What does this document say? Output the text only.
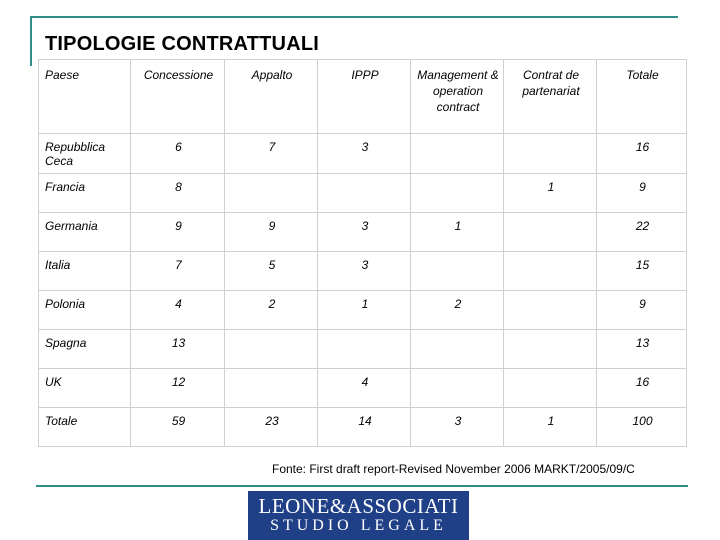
TIPOLOGIE CONTRATTUALI
Paese	Concessione	Appalto	IPPP	Management & operation contract	Contrat de partenariat	Totale
Repubblica Ceca	6	7	3			16
Francia	8				1	9
Germania	9	9	3	1		22
Italia	7	5	3			15
Polonia	4	2	1	2		9
Spagna	13					13
UK	12		4			16
Totale	59	23	14	3	1	100
Fonte: First draft report-Revised November 2006 MARKT/2005/09/C
LEONE&ASSOCIATI
STUDIO LEGALE
